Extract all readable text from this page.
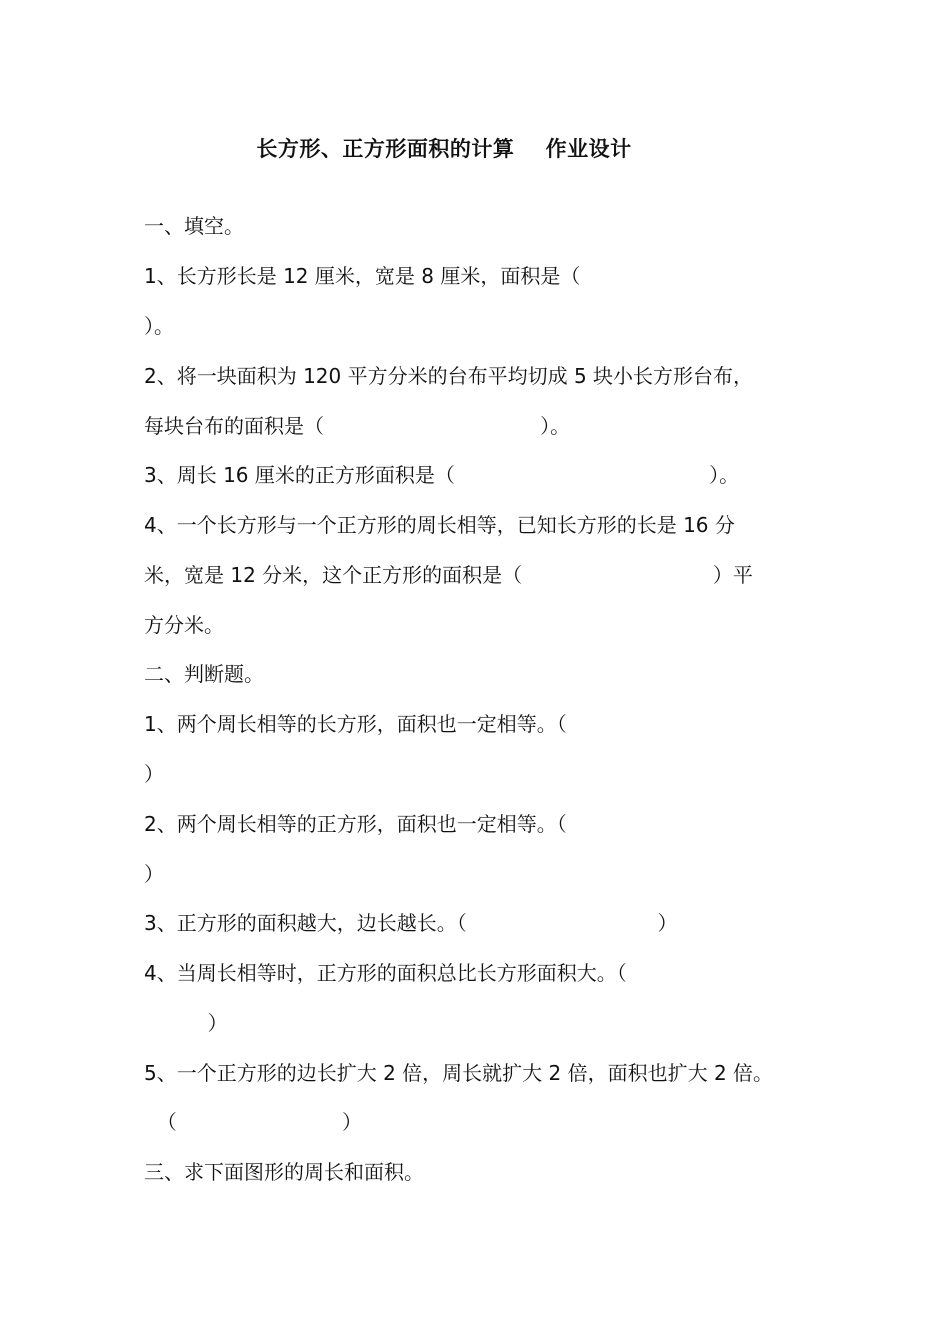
长方形、正方形面积的计算    作业设计
一、填空。
1、长方形长是 12 厘米，宽是 8 厘米，面积是（
）。
2、将一块面积为 120 平方分米的台布平均切成 5 块小长方形台布，
每块台布的面积是（                                  ）。
3、周长 16 厘米的正方形面积是（                                        ）。
4、一个长方形与一个正方形的周长相等，已知长方形的长是 16 分
米，宽是 12 分米，这个正方形的面积是（                              ）平
方分米。
二、判断题。
1、两个周长相等的长方形，面积也一定相等。（
）
2、两个周长相等的正方形，面积也一定相等。（
）
3、正方形的面积越大，边长越长。（                              ）
4、当周长相等时，正方形的面积总比长方形面积大。（
）
5、一个正方形的边长扩大 2 倍，周长就扩大 2 倍，面积也扩大 2 倍。
（                          ）
三、求下面图形的周长和面积。
